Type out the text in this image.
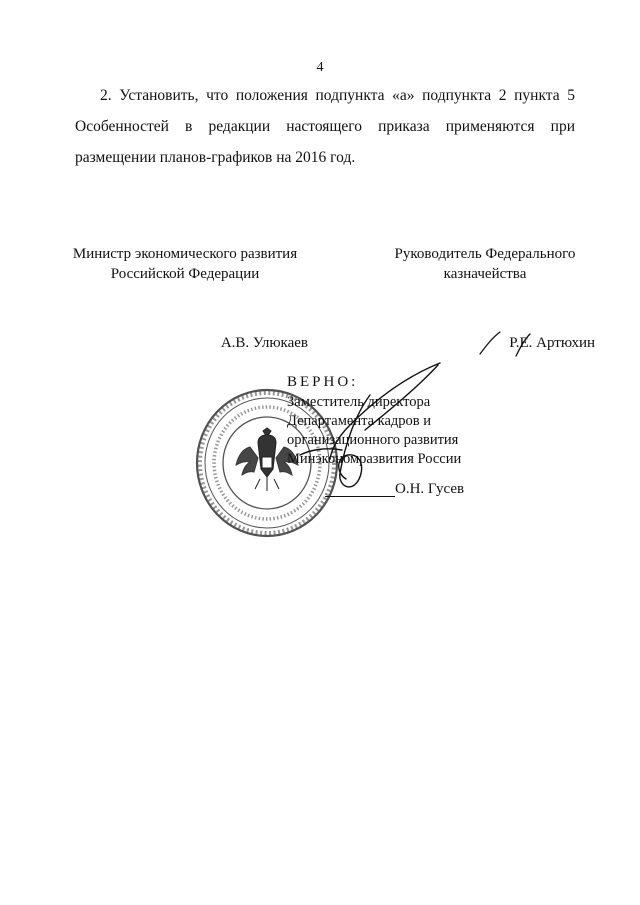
4

2. Установить, что положения подпункта «а» подпункта 2 пункта 5 Особенностей в редакции настоящего приказа применяются при размещении планов-графиков на 2016 год.

Министр экономического развития
Российской Федерации
Руководитель Федерального
казначейства
А.В. Улюкаев	Р.Е. Артюхин
ВЕРНО:
Заместитель директора
Департамента кадров и
организационного развития
Минэкономразвития России
О.Н. Гусев
